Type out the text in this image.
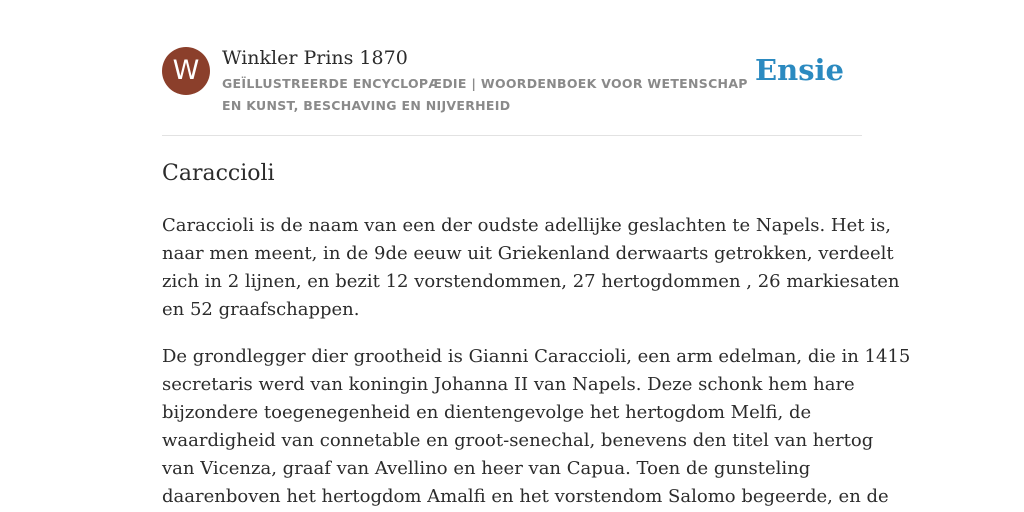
W	Winkler Prins 1870
GEÏLLUSTREERDE ENCYCLOPÆDIE | WOORDENBOEK VOOR WETENSCHAP EN KUNST, BESCHAVING EN NIJVERHEID
Ensie
Caraccioli

Caraccioli is de naam van een der oudste adellijke geslachten te Napels. Het is,
naar men meent, in de 9de eeuw uit Griekenland derwaarts getrokken, verdeelt
zich in 2 lijnen, en bezit 12 vorstendommen, 27 hertogdommen , 26 markiesaten
en 52 graafschappen.

De grondlegger dier grootheid is Gianni Caraccioli, een arm edelman, die in 1415
secretaris werd van koningin Johanna II van Napels. Deze schonk hem hare
bijzondere toegenegenheid en dientengevolge het hertogdom Melfi, de
waardigheid van connetable en groot-senechal, benevens den titel van hertog
van Vicenza, graaf van Avellino en heer van Capua. Toen de gunsteling
daarenboven het hertogdom Amalfi en het vorstendom Salomo begeerde, en de
